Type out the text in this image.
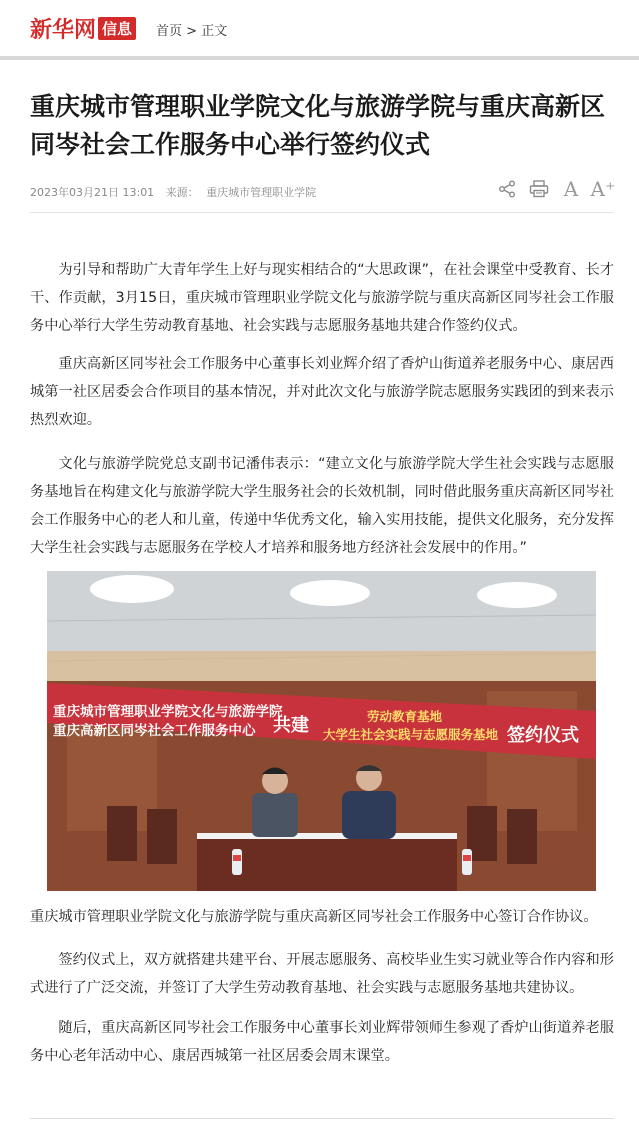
新华网 信息	首页 > 正文
重庆城市管理职业学院文化与旅游学院与重庆高新区同岑社会工作服务中心举行签约仪式
2023年03月21日 13:01 来源： 重庆城市管理职业学院	A A⁺

为引导和帮助广大青年学生上好与现实相结合的“大思政课”，在社会课堂中受教育、长才干、作贡献，3月15日，重庆城市管理职业学院文化与旅游学院与重庆高新区同岑社会工作服务中心举行大学生劳动教育基地、社会实践与志愿服务基地共建合作签约仪式。

重庆高新区同岑社会工作服务中心董事长刘业辉介绍了香炉山街道养老服务中心、康居西城第一社区居委会合作项目的基本情况，并对此次文化与旅游学院志愿服务实践团的到来表示热烈欢迎。

文化与旅游学院党总支副书记潘伟表示：“建立文化与旅游学院大学生社会实践与志愿服务基地旨在构建文化与旅游学院大学生服务社会的长效机制，同时借此服务重庆高新区同岑社会工作服务中心的老人和儿童，传递中华优秀文化，输入实用技能，提供文化服务，充分发挥大学生社会实践与志愿服务在学校人才培养和服务地方经济社会发展中的作用。”

重庆城市管理职业学院文化与旅游学院
重庆高新区同岑社会工作服务中心 共建	劳动教育基地
大学生社会实践与志愿服务基地 签约仪式
重庆城市管理职业学院文化与旅游学院与重庆高新区同岑社会工作服务中心签订合作协议。

签约仪式上，双方就搭建共建平台、开展志愿服务、高校毕业生实习就业等合作内容和形式进行了广泛交流，并签订了大学生劳动教育基地、社会实践与志愿服务基地共建协议。

随后，重庆高新区同岑社会工作服务中心董事长刘业辉带领师生参观了香炉山街道养老服务中心老年活动中心、康居西城第一社区居委会周末课堂。
